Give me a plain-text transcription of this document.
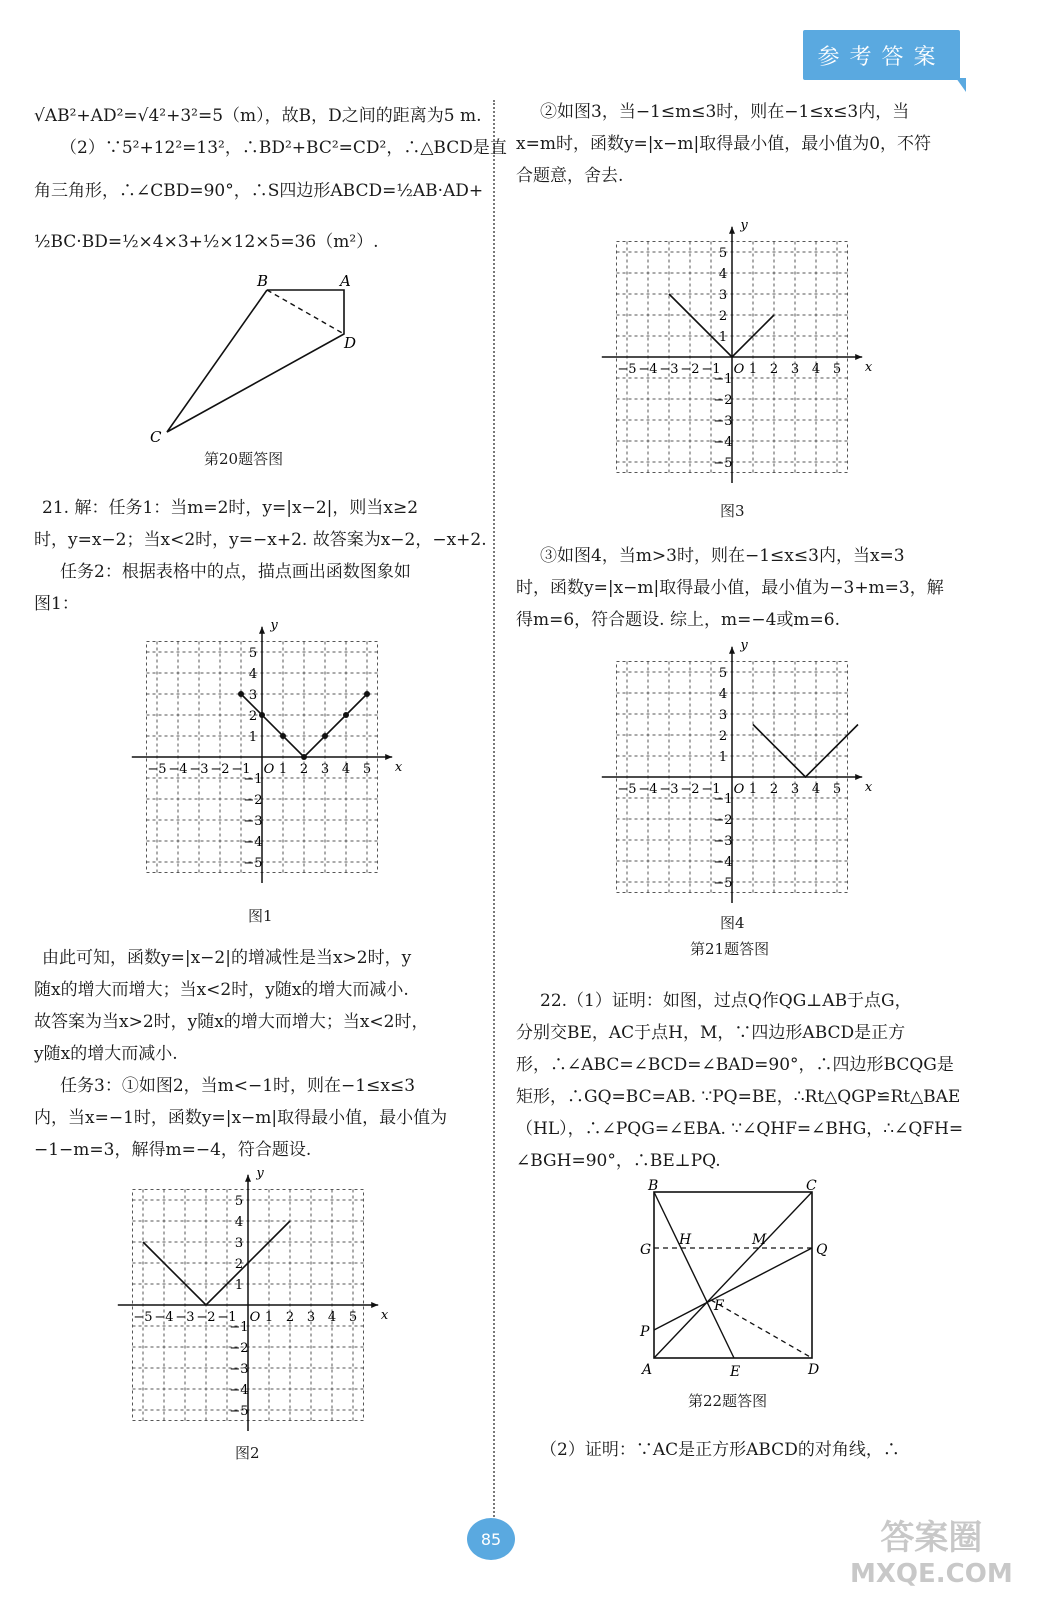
参考答案
√AB²+AD²=√4²+3²=5（m），故B，D之间的距离为5 m.
（2）∵5²+12²=13²，∴BD²+BC²=CD²，∴△BCD是直
角三角形，∴∠CBD=90°，∴S四边形ABCD=½AB·AD+
½BC·BD=½×4×3+½×12×5=36（m²）.
B	A
D
C
第20题答图
21. 解：任务1：当m=2时，y=|x−2|，则当x≥2
时，y=x−2；当x<2时，y=−x+2. 故答案为x−2，−x+2.
任务2：根据表格中的点，描点画出函数图象如
图1：
x
y
O
−5 −4 −3 −2 −1 1 2 3 4 5
5
4
3
2
1
−1
−2
−3
−4
−5
图1
由此可知，函数y=|x−2|的增减性是当x>2时，y
随x的增大而增大；当x<2时，y随x的增大而减小.
故答案为当x>2时，y随x的增大而增大；当x<2时，
y随x的增大而减小.
任务3：①如图2，当m<−1时，则在−1≤x≤3
内，当x=−1时，函数y=|x−m|取得最小值，最小值为
−1−m=3，解得m=−4，符合题设.
x
y
O
−5 −4 −3 −2 −1 1 2 3 4 5
5
4
3
2
1
−1
−2
−3
−4
−5
图2
②如图3，当−1≤m≤3时，则在−1≤x≤3内，当
x=m时，函数y=|x−m|取得最小值，最小值为0，不符
合题意，舍去.
x
y
O
−5 −4 −3 −2 −1 1 2 3 4 5
5
4
3
2
1
−1
−2
−3
−4
−5
图3
③如图4，当m>3时，则在−1≤x≤3内，当x=3
时，函数y=|x−m|取得最小值，最小值为−3+m=3，解
得m=6，符合题设. 综上，m=−4或m=6.
x
y
O
−5 −4 −3 −2 −1 1 2 3 4 5
5
4
3
2
1
−1
−2
−3
−4
−5
图4
第21题答图
22.（1）证明：如图，过点Q作QG⊥AB于点G，
分别交BE，AC于点H，M，∵四边形ABCD是正方
形，∴∠ABC=∠BCD=∠BAD=90°，∴四边形BCQG是
矩形，∴GQ=BC=AB. ∵PQ=BE，∴Rt△QGP≌Rt△BAE
（HL），∴∠PQG=∠EBA. ∵∠QHF=∠BHG，∴∠QFH=
∠BGH=90°，∴BE⊥PQ.
B	C
G
H	M
Q
F
P
A	E	D
第22题答图
（2）证明：∵AC是正方形ABCD的对角线，∴
85	答案圈
MXQE.COM
